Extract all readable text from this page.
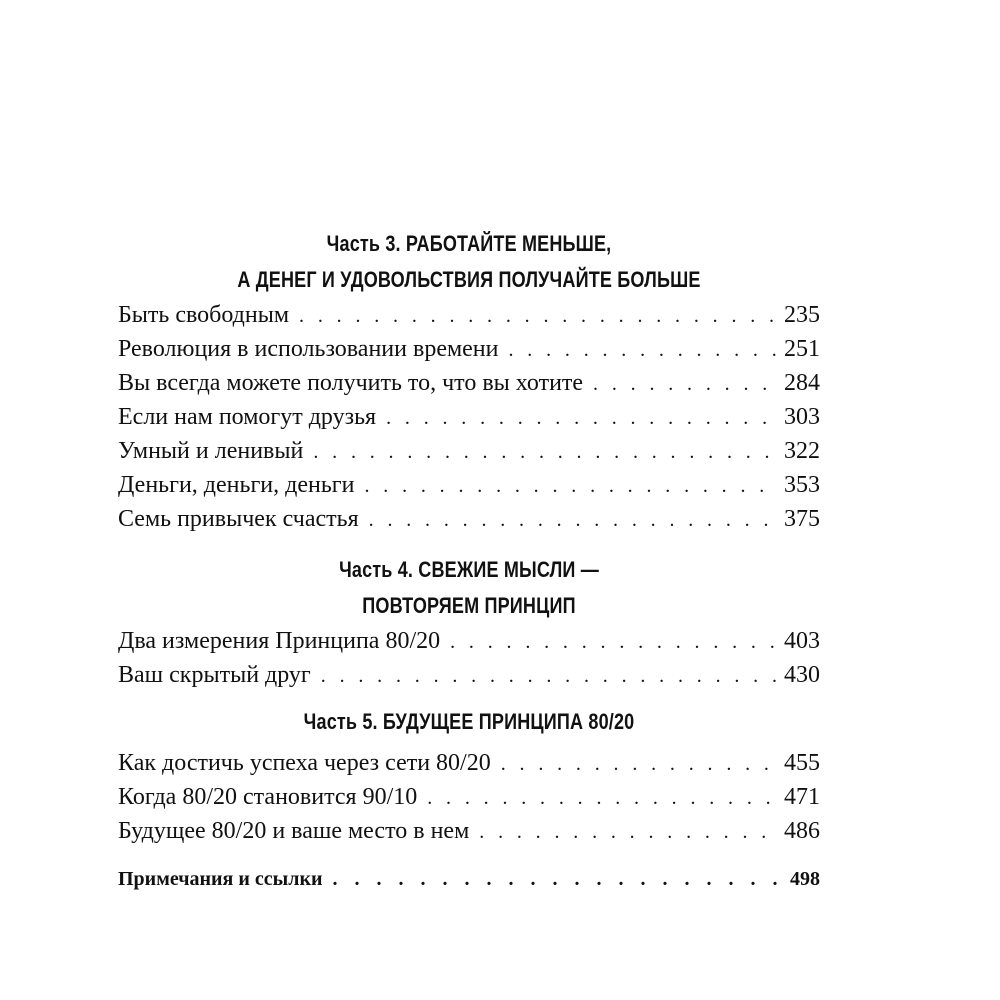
Часть 3. РАБОТАЙТЕ МЕНЬШЕ,
А ДЕНЕГ И УДОВОЛЬСТВИЯ ПОЛУЧАЙТЕ БОЛЬШЕ
Быть свободным . . .	235
Революция в использовании времени . . .	251
Вы всегда можете получить то, что вы хотите . . .	284
Если нам помогут друзья . . .	303
Умный и ленивый . . .	322
Деньги, деньги, деньги . . .	353
Семь привычек счастья . . .	375
Часть 4. СВЕЖИЕ МЫСЛИ —
ПОВТОРЯЕМ ПРИНЦИП
Два измерения Принципа 80/20 . . .	403
Ваш скрытый друг . . .	430
Часть 5. БУДУЩЕЕ ПРИНЦИПА 80/20
Как достичь успеха через сети 80/20 . . .	455
Когда 80/20 становится 90/10 . . .	471
Будущее 80/20 и ваше место в нем . . .	486
Примечания и ссылки . . .	498
